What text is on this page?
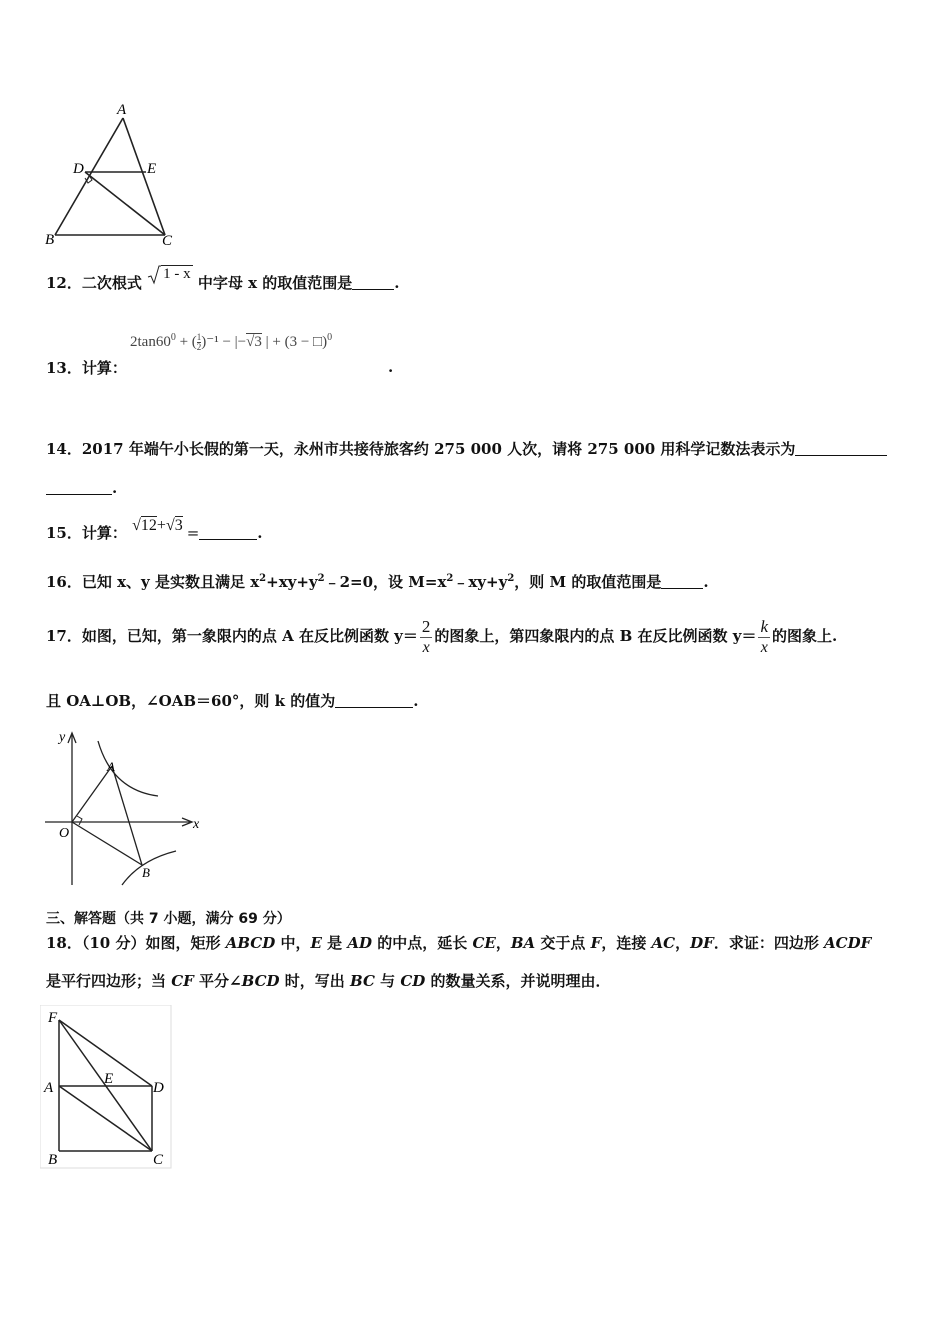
A
D	E
B	C
12．二次根式 1 - x 中字母 x 的取值范围是	.
$2\tan 60^0$ + ( $\frac{1}{2} )^{-1} - |-√3$ | + (3 − □)$^0$
13．计算：	.
14．2017 年端午小长假的第一天，永州市共接待旅客约 275 000 人次，请将 275 000 用科学记数法表示为
.
15．计算： √12+√3 =	.
16．已知 x、y 是实数且满足 $x^2+xy+y^2﹣2=0$，设 $M=x^2﹣xy+y^2$，则 M 的取值范围是	.
17．如图，已知，第一象限内的点 A 在反比例函数 $y= \frac{2}{x}$ 的图象上，第四象限内的点 B 在反比例函数 $y= \frac{k}{x}$ 的图象上.
且 OA⊥OB，∠OAB＝60°，则 k 的值为	.
y
x
O
A
B
三、解答题（共 7 小题，满分 69 分）
18．（10 分）如图，矩形 ABCD 中，E 是 AD 的中点，延长 CE，BA 交于点 F，连接 AC，DF．求证：四边形 ACDF
是平行四边形；当 CF 平分∠BCD 时，写出 BC 与 CD 的数量关系，并说明理由．
F
A
E
D
B	C
